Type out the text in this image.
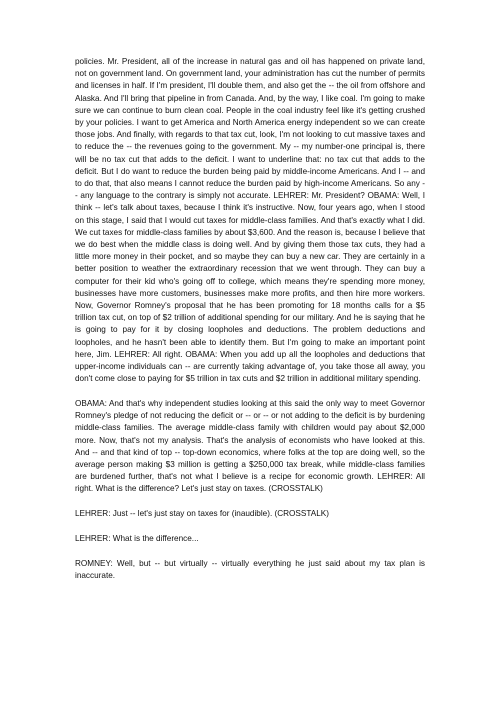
policies. Mr. President, all of the increase in natural gas and oil has happened on private land, not on government land. On government land, your administration has cut the number of permits and licenses in half. If I'm president, I'll double them, and also get the -- the oil from offshore and Alaska. And I'll bring that pipeline in from Canada. And, by the way, I like coal. I'm going to make sure we can continue to burn clean coal. People in the coal industry feel like it's getting crushed by your policies. I want to get America and North America energy independent so we can create those jobs. And finally, with regards to that tax cut, look, I'm not looking to cut massive taxes and to reduce the -- the revenues going to the government. My -- my number-one principal is, there will be no tax cut that adds to the deficit. I want to underline that: no tax cut that adds to the deficit. But I do want to reduce the burden being paid by middle-income Americans. And I -- and to do that, that also means I cannot reduce the burden paid by high-income Americans. So any -- any language to the contrary is simply not accurate. LEHRER: Mr. President? OBAMA: Well, I think -- let's talk about taxes, because I think it's instructive. Now, four years ago, when I stood on this stage, I said that I would cut taxes for middle-class families. And that's exactly what I did. We cut taxes for middle-class families by about $3,600. And the reason is, because I believe that we do best when the middle class is doing well. And by giving them those tax cuts, they had a little more money in their pocket, and so maybe they can buy a new car. They are certainly in a better position to weather the extraordinary recession that we went through. They can buy a computer for their kid who's going off to college, which means they're spending more money, businesses have more customers, businesses make more profits, and then hire more workers. Now, Governor Romney's proposal that he has been promoting for 18 months calls for a $5 trillion tax cut, on top of $2 trillion of additional spending for our military. And he is saying that he is going to pay for it by closing loopholes and deductions. The problem deductions and loopholes, and he hasn't been able to identify them. But I'm going to make an important point here, Jim. LEHRER: All right. OBAMA: When you add up all the loopholes and deductions that upper-income individuals can -- are currently taking advantage of, you take those all away, you don't come close to paying for $5 trillion in tax cuts and $2 trillion in additional military spending.

OBAMA: And that's why independent studies looking at this said the only way to meet Governor Romney's pledge of not reducing the deficit or -- or -- or not adding to the deficit is by burdening middle-class families. The average middle-class family with children would pay about $2,000 more. Now, that's not my analysis. That's the analysis of economists who have looked at this. And -- and that kind of top -- top-down economics, where folks at the top are doing well, so the average person making $3 million is getting a $250,000 tax break, while middle-class families are burdened further, that's not what I believe is a recipe for economic growth. LEHRER: All right. What is the difference? Let's just stay on taxes. (CROSSTALK)

LEHRER: Just -- let's just stay on taxes for (inaudible). (CROSSTALK)

LEHRER: What is the difference...

ROMNEY: Well, but -- but virtually -- virtually everything he just said about my tax plan is inaccurate.
